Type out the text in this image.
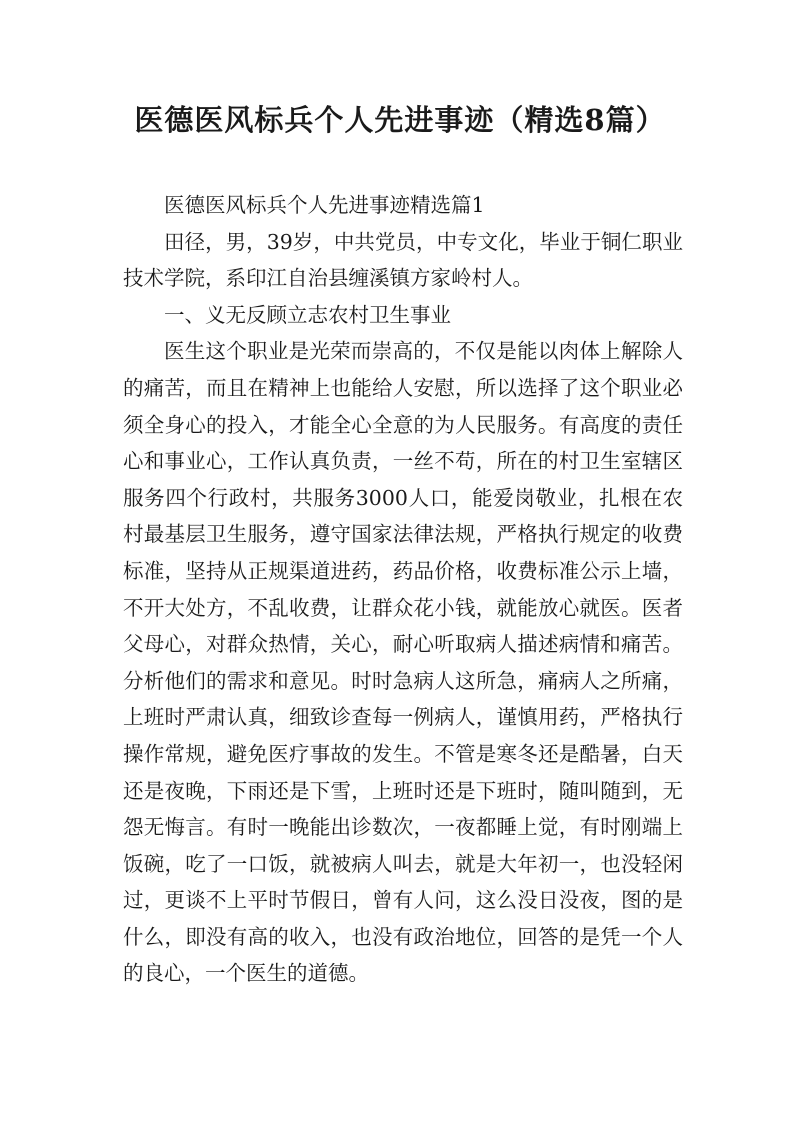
医德医风标兵个人先进事迹（精选8篇）

医德医风标兵个人先进事迹精选篇1

田径，男，39岁，中共党员，中专文化，毕业于铜仁职业技术学院，系印江自治县缠溪镇方家岭村人。

一、义无反顾立志农村卫生事业

医生这个职业是光荣而崇高的，不仅是能以肉体上解除人的痛苦，而且在精神上也能给人安慰，所以选择了这个职业必须全身心的投入，才能全心全意的为人民服务。有高度的责任心和事业心，工作认真负责，一丝不苟，所在的村卫生室辖区服务四个行政村，共服务3000人口，能爱岗敬业，扎根在农村最基层卫生服务，遵守国家法律法规，严格执行规定的收费标准，坚持从正规渠道进药，药品价格，收费标准公示上墙，不开大处方，不乱收费，让群众花小钱，就能放心就医。医者父母心，对群众热情，关心，耐心听取病人描述病情和痛苦。分析他们的需求和意见。时时急病人这所急，痛病人之所痛，上班时严肃认真，细致诊查每一例病人，谨慎用药，严格执行操作常规，避免医疗事故的发生。不管是寒冬还是酷暑，白天还是夜晚，下雨还是下雪，上班时还是下班时，随叫随到，无怨无悔言。有时一晚能出诊数次，一夜都睡上觉，有时刚端上饭碗，吃了一口饭，就被病人叫去，就是大年初一，也没轻闲过，更谈不上平时节假日，曾有人问，这么没日没夜，图的是什么，即没有高的收入，也没有政治地位，回答的是凭一个人的良心，一个医生的道德。
